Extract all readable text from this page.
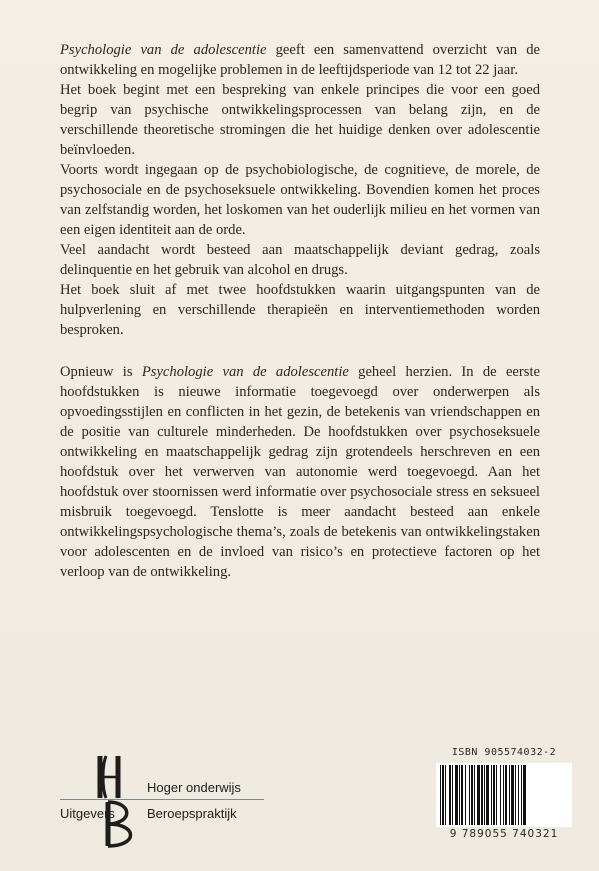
Psychologie van de adolescentie geeft een samenvattend overzicht van de ontwikkeling en mogelijke problemen in de leeftijdsperiode van 12 tot 22 jaar.

Het boek begint met een bespreking van enkele principes die voor een goed begrip van psychische ontwikkelingsprocessen van belang zijn, en de verschillende theoretische stromingen die het huidige denken over adolescentie beïnvloeden.

Voorts wordt ingegaan op de psychobiologische, de cognitieve, de morele, de psychosociale en de psychoseksuele ontwikkeling. Bovendien komen het proces van zelfstandig worden, het loskomen van het ouderlijk milieu en het vormen van een eigen identiteit aan de orde.

Veel aandacht wordt besteed aan maatschappelijk deviant gedrag, zoals delinquentie en het gebruik van alcohol en drugs.

Het boek sluit af met twee hoofdstukken waarin uitgangspunten van de hulpverlening en verschillende therapieën en interventiemethoden worden besproken.

Opnieuw is Psychologie van de adolescentie geheel herzien. In de eerste hoofdstukken is nieuwe informatie toegevoegd over onderwerpen als opvoedingsstijlen en conflicten in het gezin, de betekenis van vriendschappen en de positie van culturele minderheden. De hoofdstukken over psychoseksuele ontwikkeling en maatschappelijk gedrag zijn grotendeels herschreven en een hoofdstuk over het verwerven van autonomie werd toegevoegd. Aan het hoofdstuk over stoornissen werd informatie over psychosociale stress en seksueel misbruik toegevoegd. Tenslotte is meer aandacht besteed aan enkele ontwikkelingspsychologische thema’s, zoals de betekenis van ontwikkelingstaken voor adolescenten en de invloed van risico’s en protectieve factoren op het verloop van de ontwikkeling.

Hoger onderwijs
Uitgevers Beroepspraktijk
ISBN 905574032-2
9 789055 740321
